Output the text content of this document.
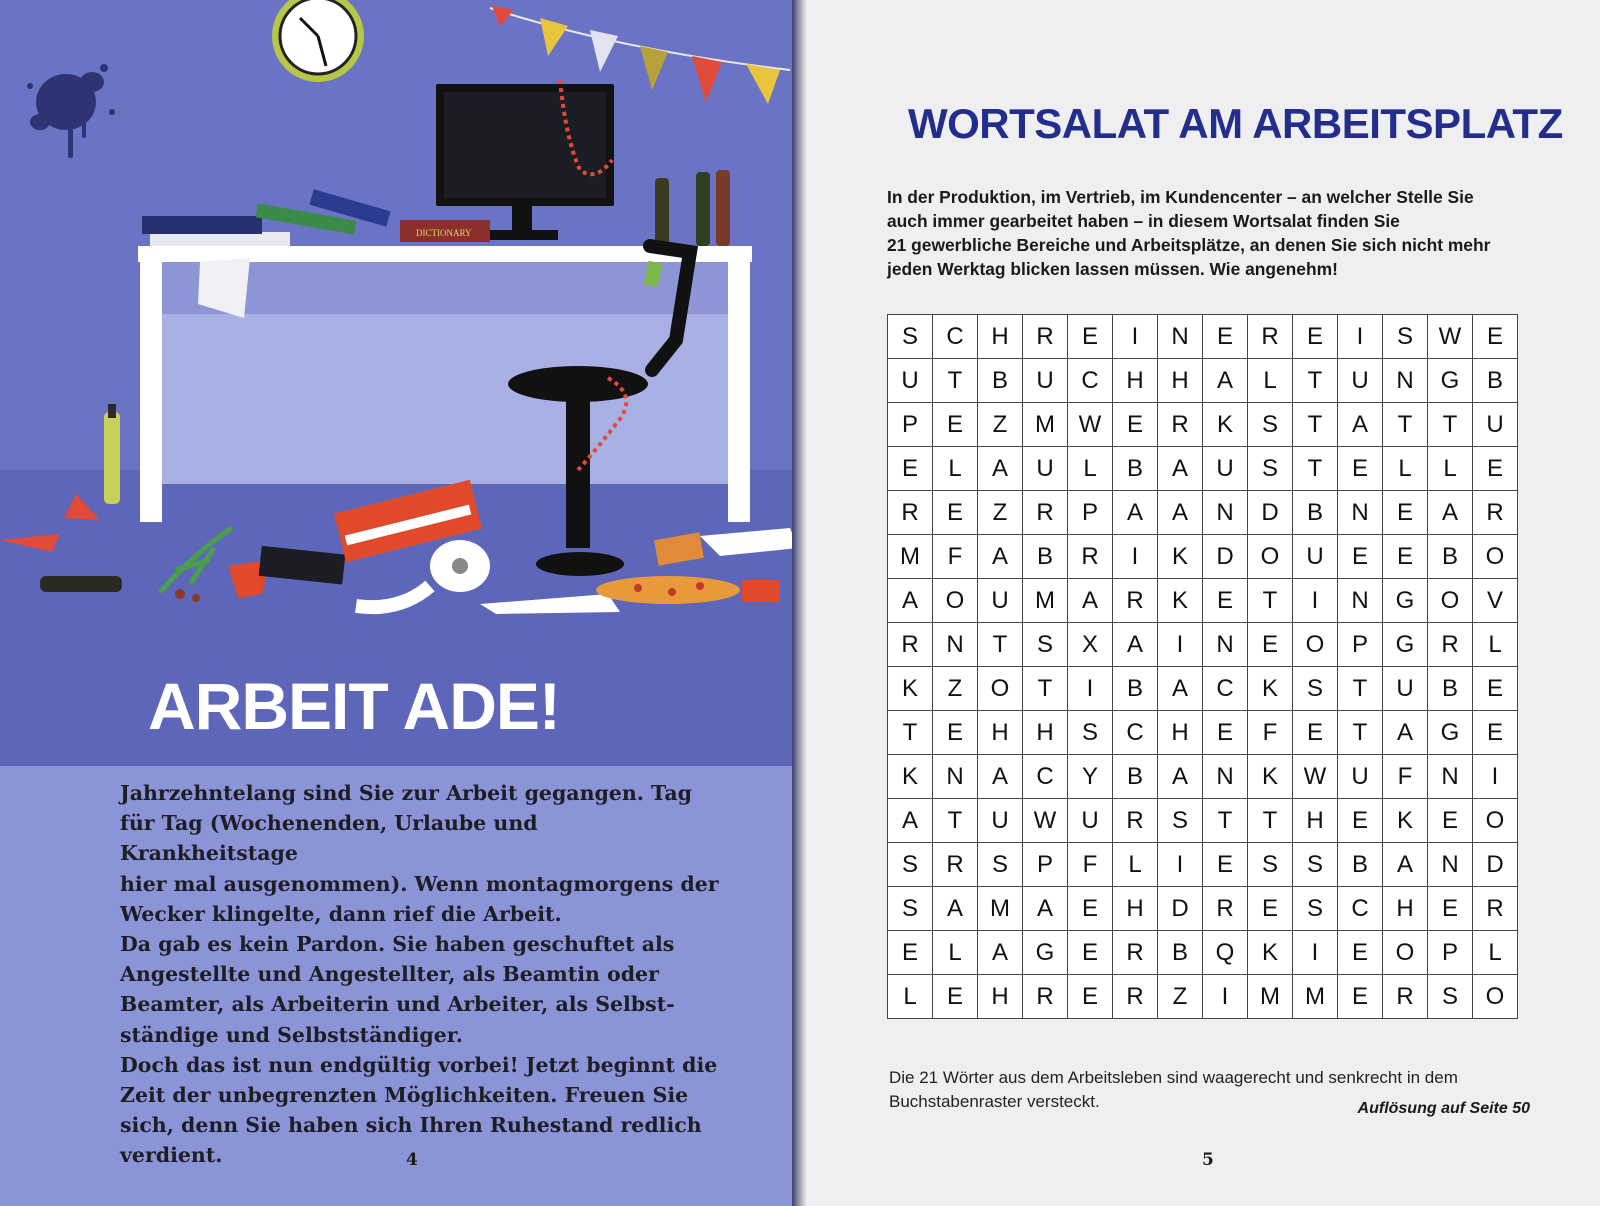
DICTIONARY
ARBEIT ADE!

Jahrzehntelang sind Sie zur Arbeit gegangen. Tag
für Tag (Wochenenden, Urlaube und Krankheitstage
hier mal ausgenommen). Wenn montagmorgens der
Wecker klingelte, dann rief die Arbeit.
Da gab es kein Pardon. Sie haben geschuftet als
Angestellte und Angestellter, als Beamtin oder
Beamter, als Arbeiterin und Arbeiter, als Selbst-
ständige und Selbstständiger.
Doch das ist nun endgültig vorbei! Jetzt beginnt die
Zeit der unbegrenzten Möglichkeiten. Freuen Sie
sich, denn Sie haben sich Ihren Ruhestand redlich
verdient.	4
WORTSALAT AM ARBEITSPLATZ

In der Produktion, im Vertrieb, im Kundencenter – an welcher Stelle Sie
auch immer gearbeitet haben – in diesem Wortsalat finden Sie
21 gewerbliche Bereiche und Arbeitsplätze, an denen Sie sich nicht mehr
jeden Werktag blicken lassen müssen. Wie angenehm!

S	C	H	R	E	I	N	E	R	E	I	S	W	E
U	T	B	U	C	H	H	A	L	T	U	N	G	B
P	E	Z	M	W	E	R	K	S	T	A	T	T	U
E	L	A	U	L	B	A	U	S	T	E	L	L	E
R	E	Z	R	P	A	A	N	D	B	N	E	A	R
M	F	A	B	R	I	K	D	O	U	E	E	B	O
A	O	U	M	A	R	K	E	T	I	N	G	O	V
R	N	T	S	X	A	I	N	E	O	P	G	R	L
K	Z	O	T	I	B	A	C	K	S	T	U	B	E
T	E	H	H	S	C	H	E	F	E	T	A	G	E
K	N	A	C	Y	B	A	N	K	W	U	F	N	I
A	T	U	W	U	R	S	T	T	H	E	K	E	O
S	R	S	P	F	L	I	E	S	S	B	A	N	D
S	A	M	A	E	H	D	R	E	S	C	H	E	R
E	L	A	G	E	R	B	Q	K	I	E	O	P	L
L	E	H	R	E	R	Z	I	M	M	E	R	S	O

Die 21 Wörter aus dem Arbeitsleben sind waagerecht und senkrecht in dem Buchstabenraster versteckt.	Auflösung auf Seite 50

5
